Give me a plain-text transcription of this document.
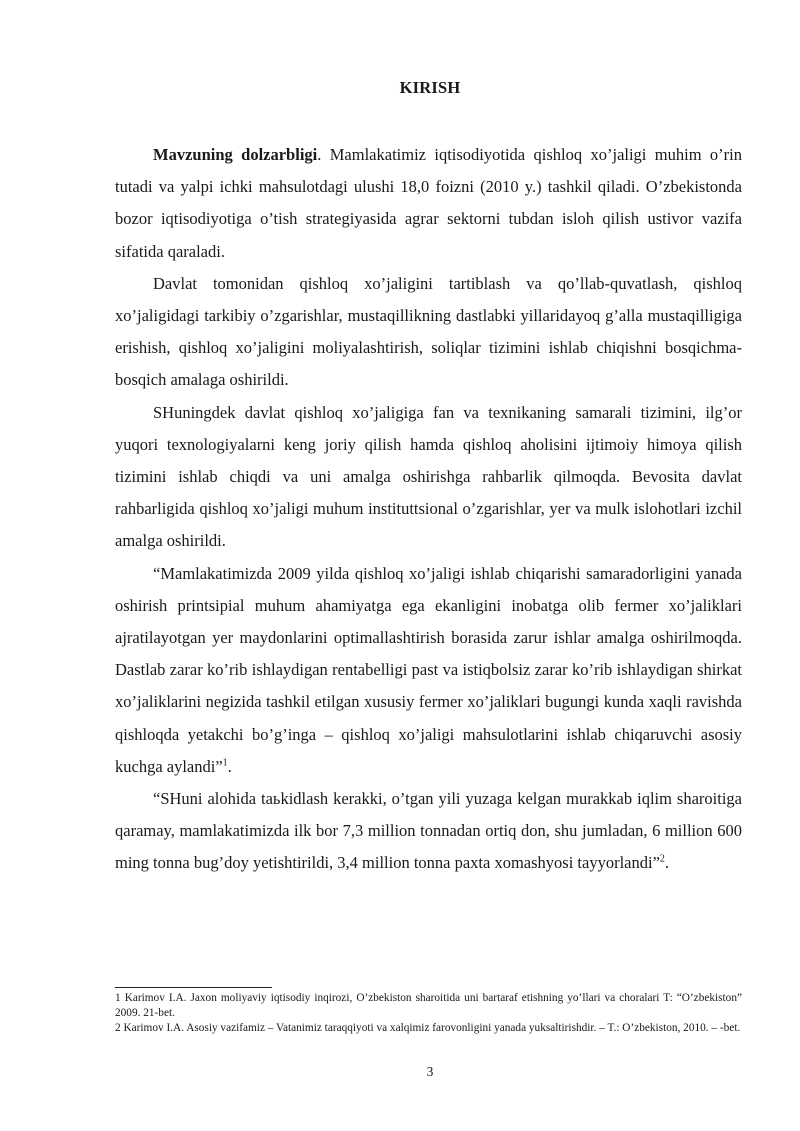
KIRISH

Mavzuning dolzarbligi. Mamlakatimiz iqtisodiyotida qishloq xo’jaligi muhim o’rin tutadi va yalpi ichki mahsulotdagi ulushi 18,0 foizni (2010 y.) tashkil qiladi. O’zbekistonda bozor iqtisodiyotiga o’tish strategiyasida agrar sektorni tubdan isloh qilish ustivor vazifa sifatida qaraladi.

Davlat tomonidan qishloq xo’jaligini tartiblash va qo’llab-quvatlash, qishloq xo’jaligidagi tarkibiy o’zgarishlar, mustaqillikning dastlabki yillaridayoq g’alla mustaqilligiga erishish, qishloq xo’jaligini moliyalashtirish, soliqlar tizimini ishlab chiqishni bosqichma-bosqich amalaga oshirildi.

SHuningdek davlat qishloq xo’jaligiga fan va texnikaning samarali tizimini, ilg’or yuqori texnologiyalarni keng joriy qilish hamda qishloq aholisini ijtimoiy himoya qilish tizimini ishlab chiqdi va uni amalga oshirishga rahbarlik qilmoqda. Bevosita davlat rahbarligida qishloq xo’jaligi muhum instituttsional o’zgarishlar, yer va mulk islohotlari izchil amalga oshirildi.

“Mamlakatimizda 2009 yilda qishloq xo’jaligi ishlab chiqarishi samaradorligini yanada oshirish printsipial muhum ahamiyatga ega ekanligini inobatga olib fermer xo’jaliklari ajratilayotgan yer maydonlarini optimallashtirish borasida zarur ishlar amalga oshirilmoqda. Dastlab zarar ko’rib ishlaydigan rentabelligi past va istiqbolsiz zarar ko’rib ishlaydigan shirkat xo’jaliklarini negizida tashkil etilgan xususiy fermer xo’jaliklari bugungi kunda xaqli ravishda qishloqda yetakchi bo’g’inga – qishloq xo’jaligi mahsulotlarini ishlab chiqaruvchi asosiy kuchga aylandi”$^1$.

“SHuni alohida taьkidlash kerakki, o’tgan yili yuzaga kelgan murakkab iqlim sharoitiga qaramay, mamlakatimizda ilk bor 7,3 million tonnadan ortiq don, shu jumladan, 6 million 600 ming tonna bug’doy yetishtirildi, 3,4 million tonna paxta xomashyosi tayyorlandi”$^2$.

1 Karimov I.A. Jaxon moliyaviy iqtisodiy inqirozi, O’zbekiston sharoitida uni bartaraf etishning yo’llari va choralari T: “O’zbekiston” 2009. 21-bet.

2 Karimov I.A. Asosiy vazifamiz – Vatanimiz taraqqiyoti va xalqimiz farovonligini yanada yuksaltirishdir. – T.: O’zbekiston, 2010. – -bet.

3
